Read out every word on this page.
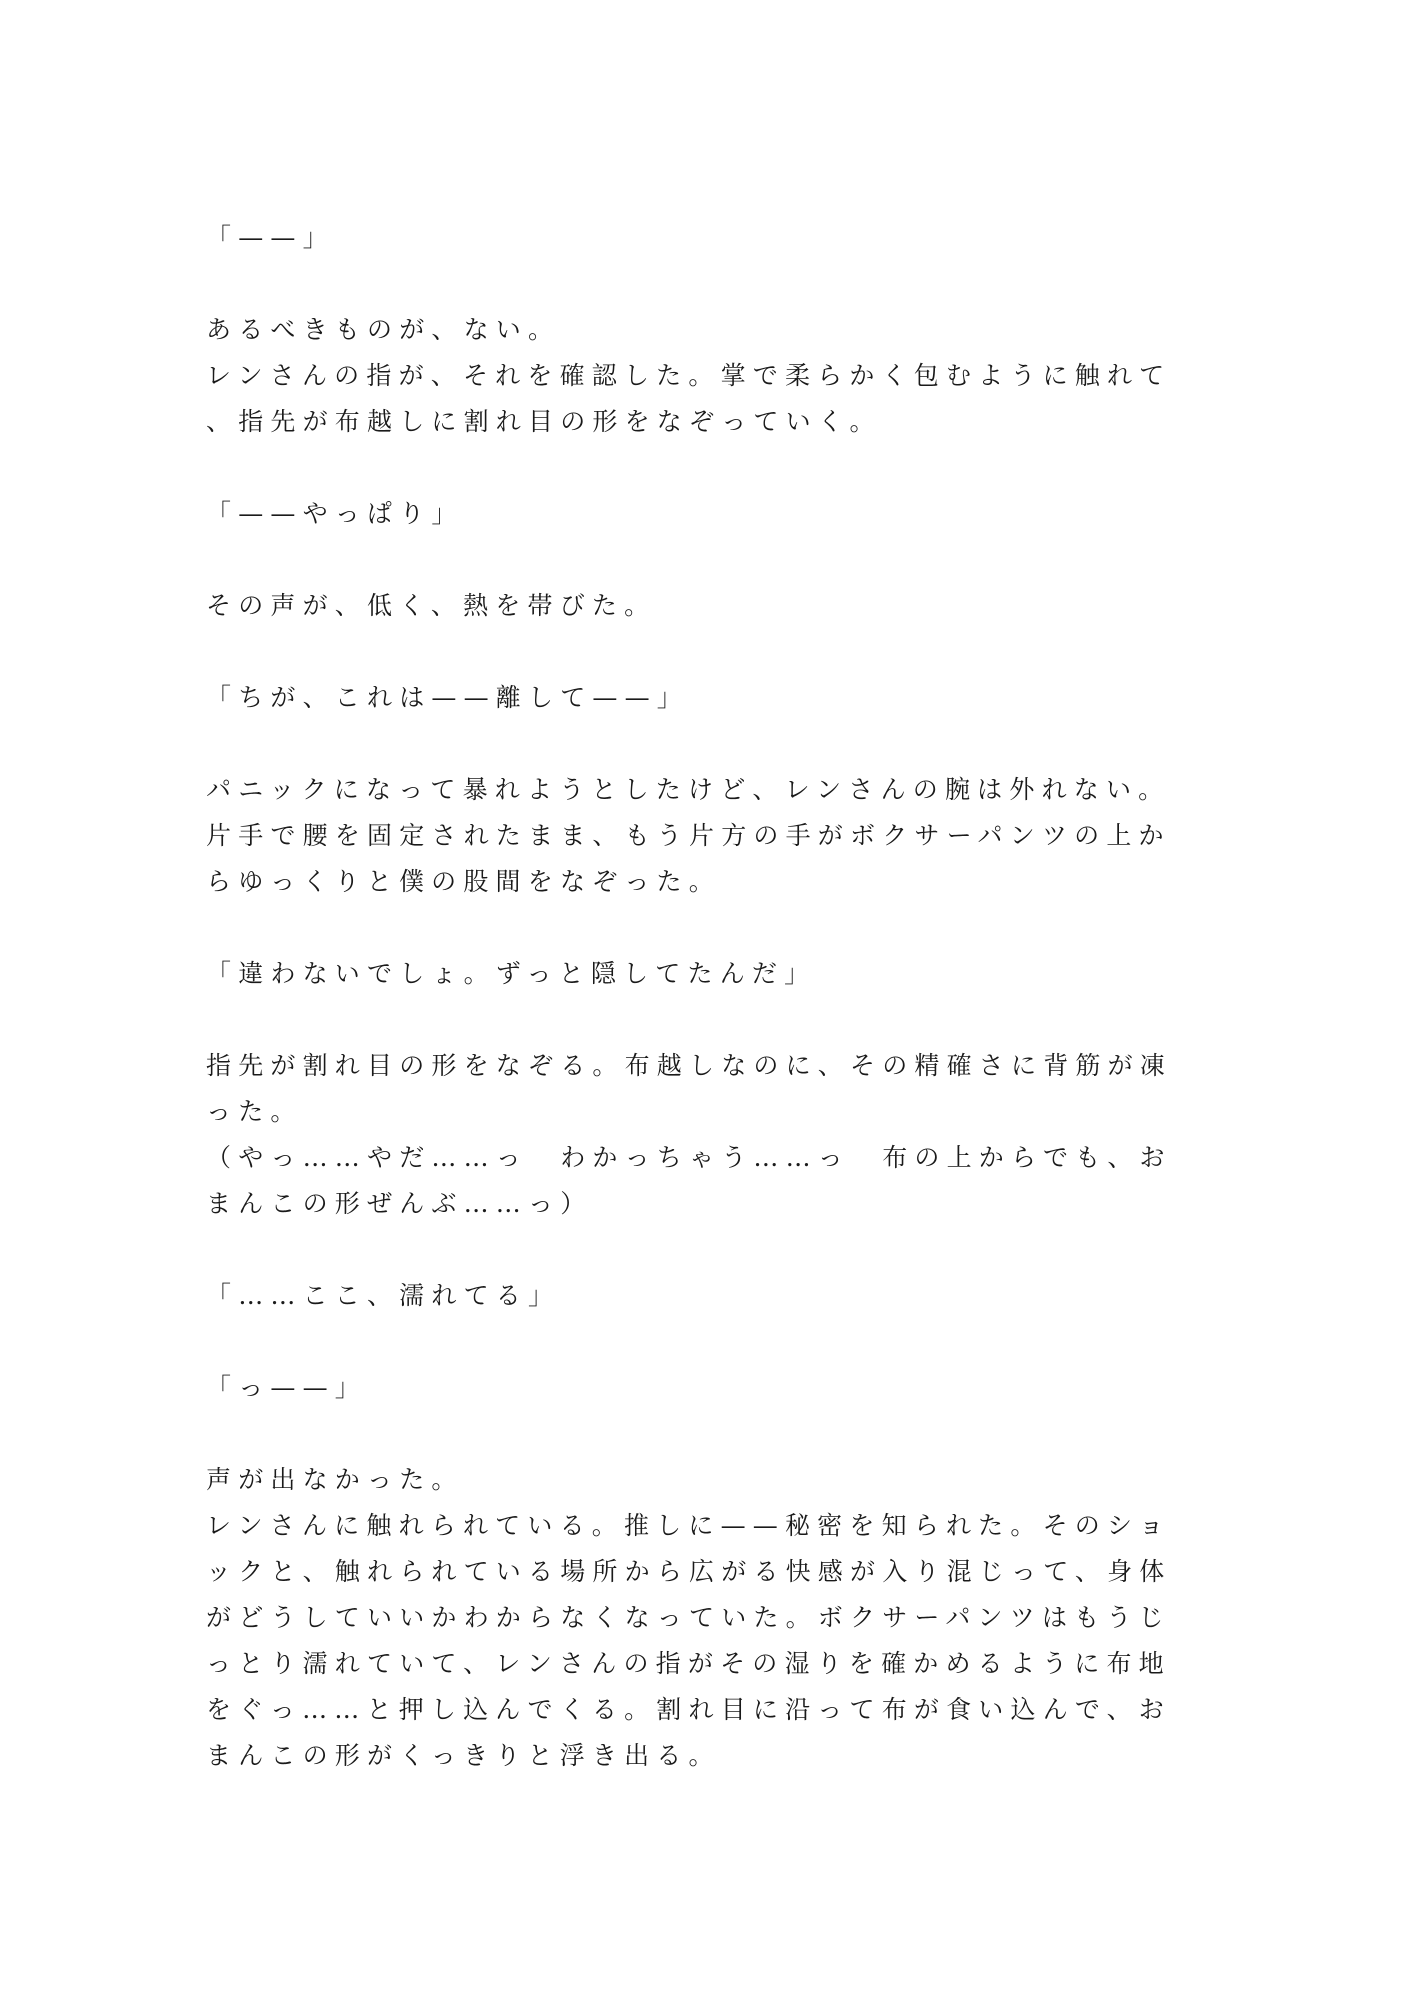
「——」
あるべきものが、ない。
レンさんの指が、それを確認した。掌で柔らかく包むように触れて
、指先が布越しに割れ目の形をなぞっていく。
「——やっぱり」
その声が、低く、熱を帯びた。
「ちが、これは——離して——」
パニックになって暴れようとしたけど、レンさんの腕は外れない。
片手で腰を固定されたまま、もう片方の手がボクサーパンツの上か
らゆっくりと僕の股間をなぞった。
「違わないでしょ。ずっと隠してたんだ」
指先が割れ目の形をなぞる。布越しなのに、その精確さに背筋が凍
った。
（やっ……やだ……っ　わかっちゃう……っ　布の上からでも、お
まんこの形ぜんぶ……っ）
「……ここ、濡れてる」
「っ——」
声が出なかった。
レンさんに触れられている。推しに——秘密を知られた。そのショ
ックと、触れられている場所から広がる快感が入り混じって、身体
がどうしていいかわからなくなっていた。ボクサーパンツはもうじ
っとり濡れていて、レンさんの指がその湿りを確かめるように布地
をぐっ……と押し込んでくる。割れ目に沿って布が食い込んで、お
まんこの形がくっきりと浮き出る。
